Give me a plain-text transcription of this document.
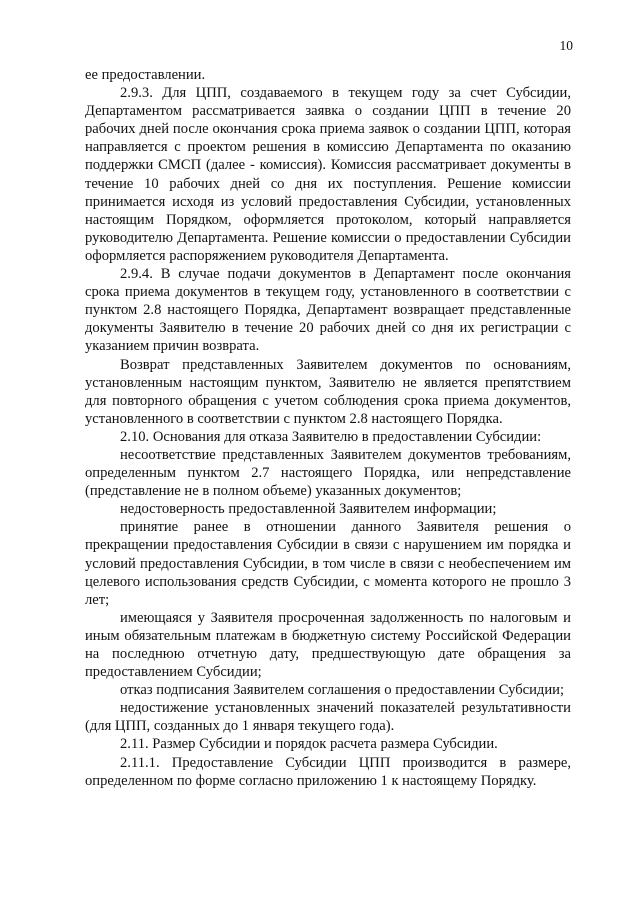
10

ее предоставлении.

2.9.3. Для ЦПП, создаваемого в текущем году за счет Субсидии, Департаментом рассматривается заявка о создании ЦПП в течение 20 рабочих дней после окончания срока приема заявок о создании ЦПП, которая направляется с проектом решения в комиссию Департамента по оказанию поддержки СМСП (далее - комиссия). Комиссия рассматривает документы в течение 10 рабочих дней со дня их поступления. Решение комиссии принимается исходя из условий предоставления Субсидии, установленных настоящим Порядком, оформляется протоколом, который направляется руководителю Департамента. Решение комиссии о предоставлении Субсидии оформляется распоряжением руководителя Департамента.

2.9.4. В случае подачи документов в Департамент после окончания срока приема документов в текущем году, установленного в соответствии с пунктом 2.8 настоящего Порядка, Департамент возвращает представленные документы Заявителю в течение 20 рабочих дней со дня их регистрации с указанием причин возврата.

Возврат представленных Заявителем документов по основаниям, установленным настоящим пунктом, Заявителю не является препятствием для повторного обращения с учетом соблюдения срока приема документов, установленного в соответствии с пунктом 2.8 настоящего Порядка.

2.10. Основания для отказа Заявителю в предоставлении Субсидии:

несоответствие представленных Заявителем документов требованиям, определенным пунктом 2.7 настоящего Порядка, или непредставление (представление не в полном объеме) указанных документов;

недостоверность предоставленной Заявителем информации;

принятие ранее в отношении данного Заявителя решения о прекращении предоставления Субсидии в связи с нарушением им порядка и условий предоставления Субсидии, в том числе в связи с необеспечением им целевого использования средств Субсидии, с момента которого не прошло 3 лет;

имеющаяся у Заявителя просроченная задолженность по налоговым и иным обязательным платежам в бюджетную систему Российской Федерации на последнюю отчетную дату, предшествующую дате обращения за предоставлением Субсидии;

отказ подписания Заявителем соглашения о предоставлении Субсидии;

недостижение установленных значений показателей результативности (для ЦПП, созданных до 1 января текущего года).

2.11. Размер Субсидии и порядок расчета размера Субсидии.

2.11.1. Предоставление Субсидии ЦПП производится в размере, определенном по форме согласно приложению 1 к настоящему Порядку.
